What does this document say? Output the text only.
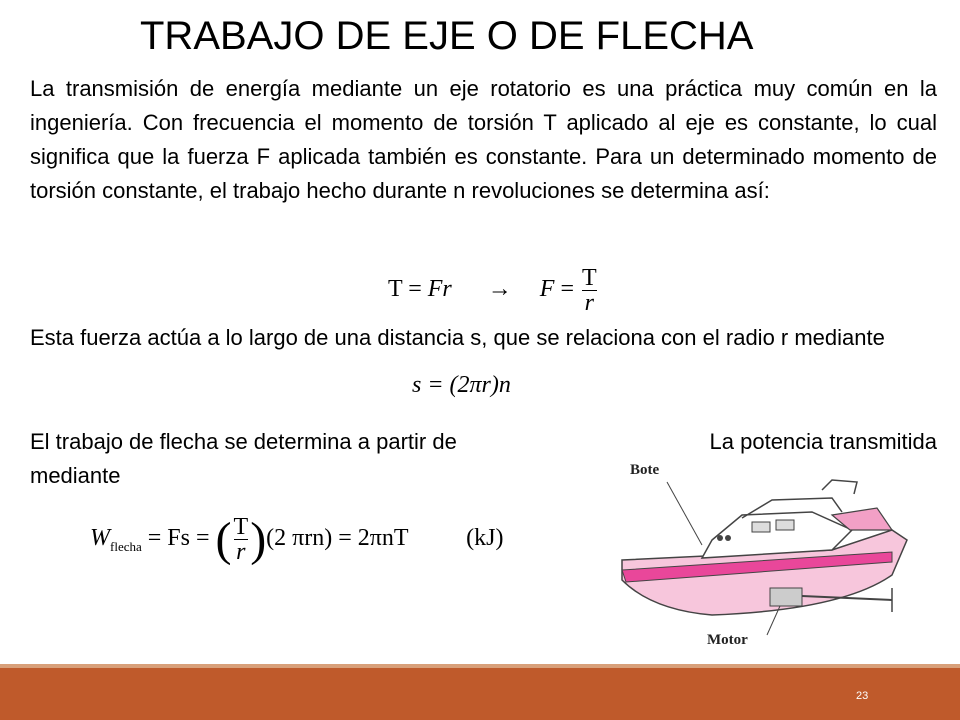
TRABAJO DE EJE O DE FLECHA

La transmisión de energía mediante un eje rotatorio es una práctica muy común en la ingeniería. Con frecuencia el momento de torsión T aplicado al eje es constante, lo cual significa que la fuerza F aplicada también es constante. Para un determinado momento de torsión constante, el trabajo hecho durante n revoluciones se determina así:

$T = Fr \to F = \frac{T}{r}$

Esta fuerza actúa a lo largo de una distancia s, que se relaciona con el radio r mediante

s = (2πr)n
El trabajo de flecha se determina a partir de	La potencia transmitida
mediante
$W_{flecha} = Fs$ = ( $\frac{T}{r} )(2$ πrn) = 2πnT (kJ)
Bote
Motor
23
